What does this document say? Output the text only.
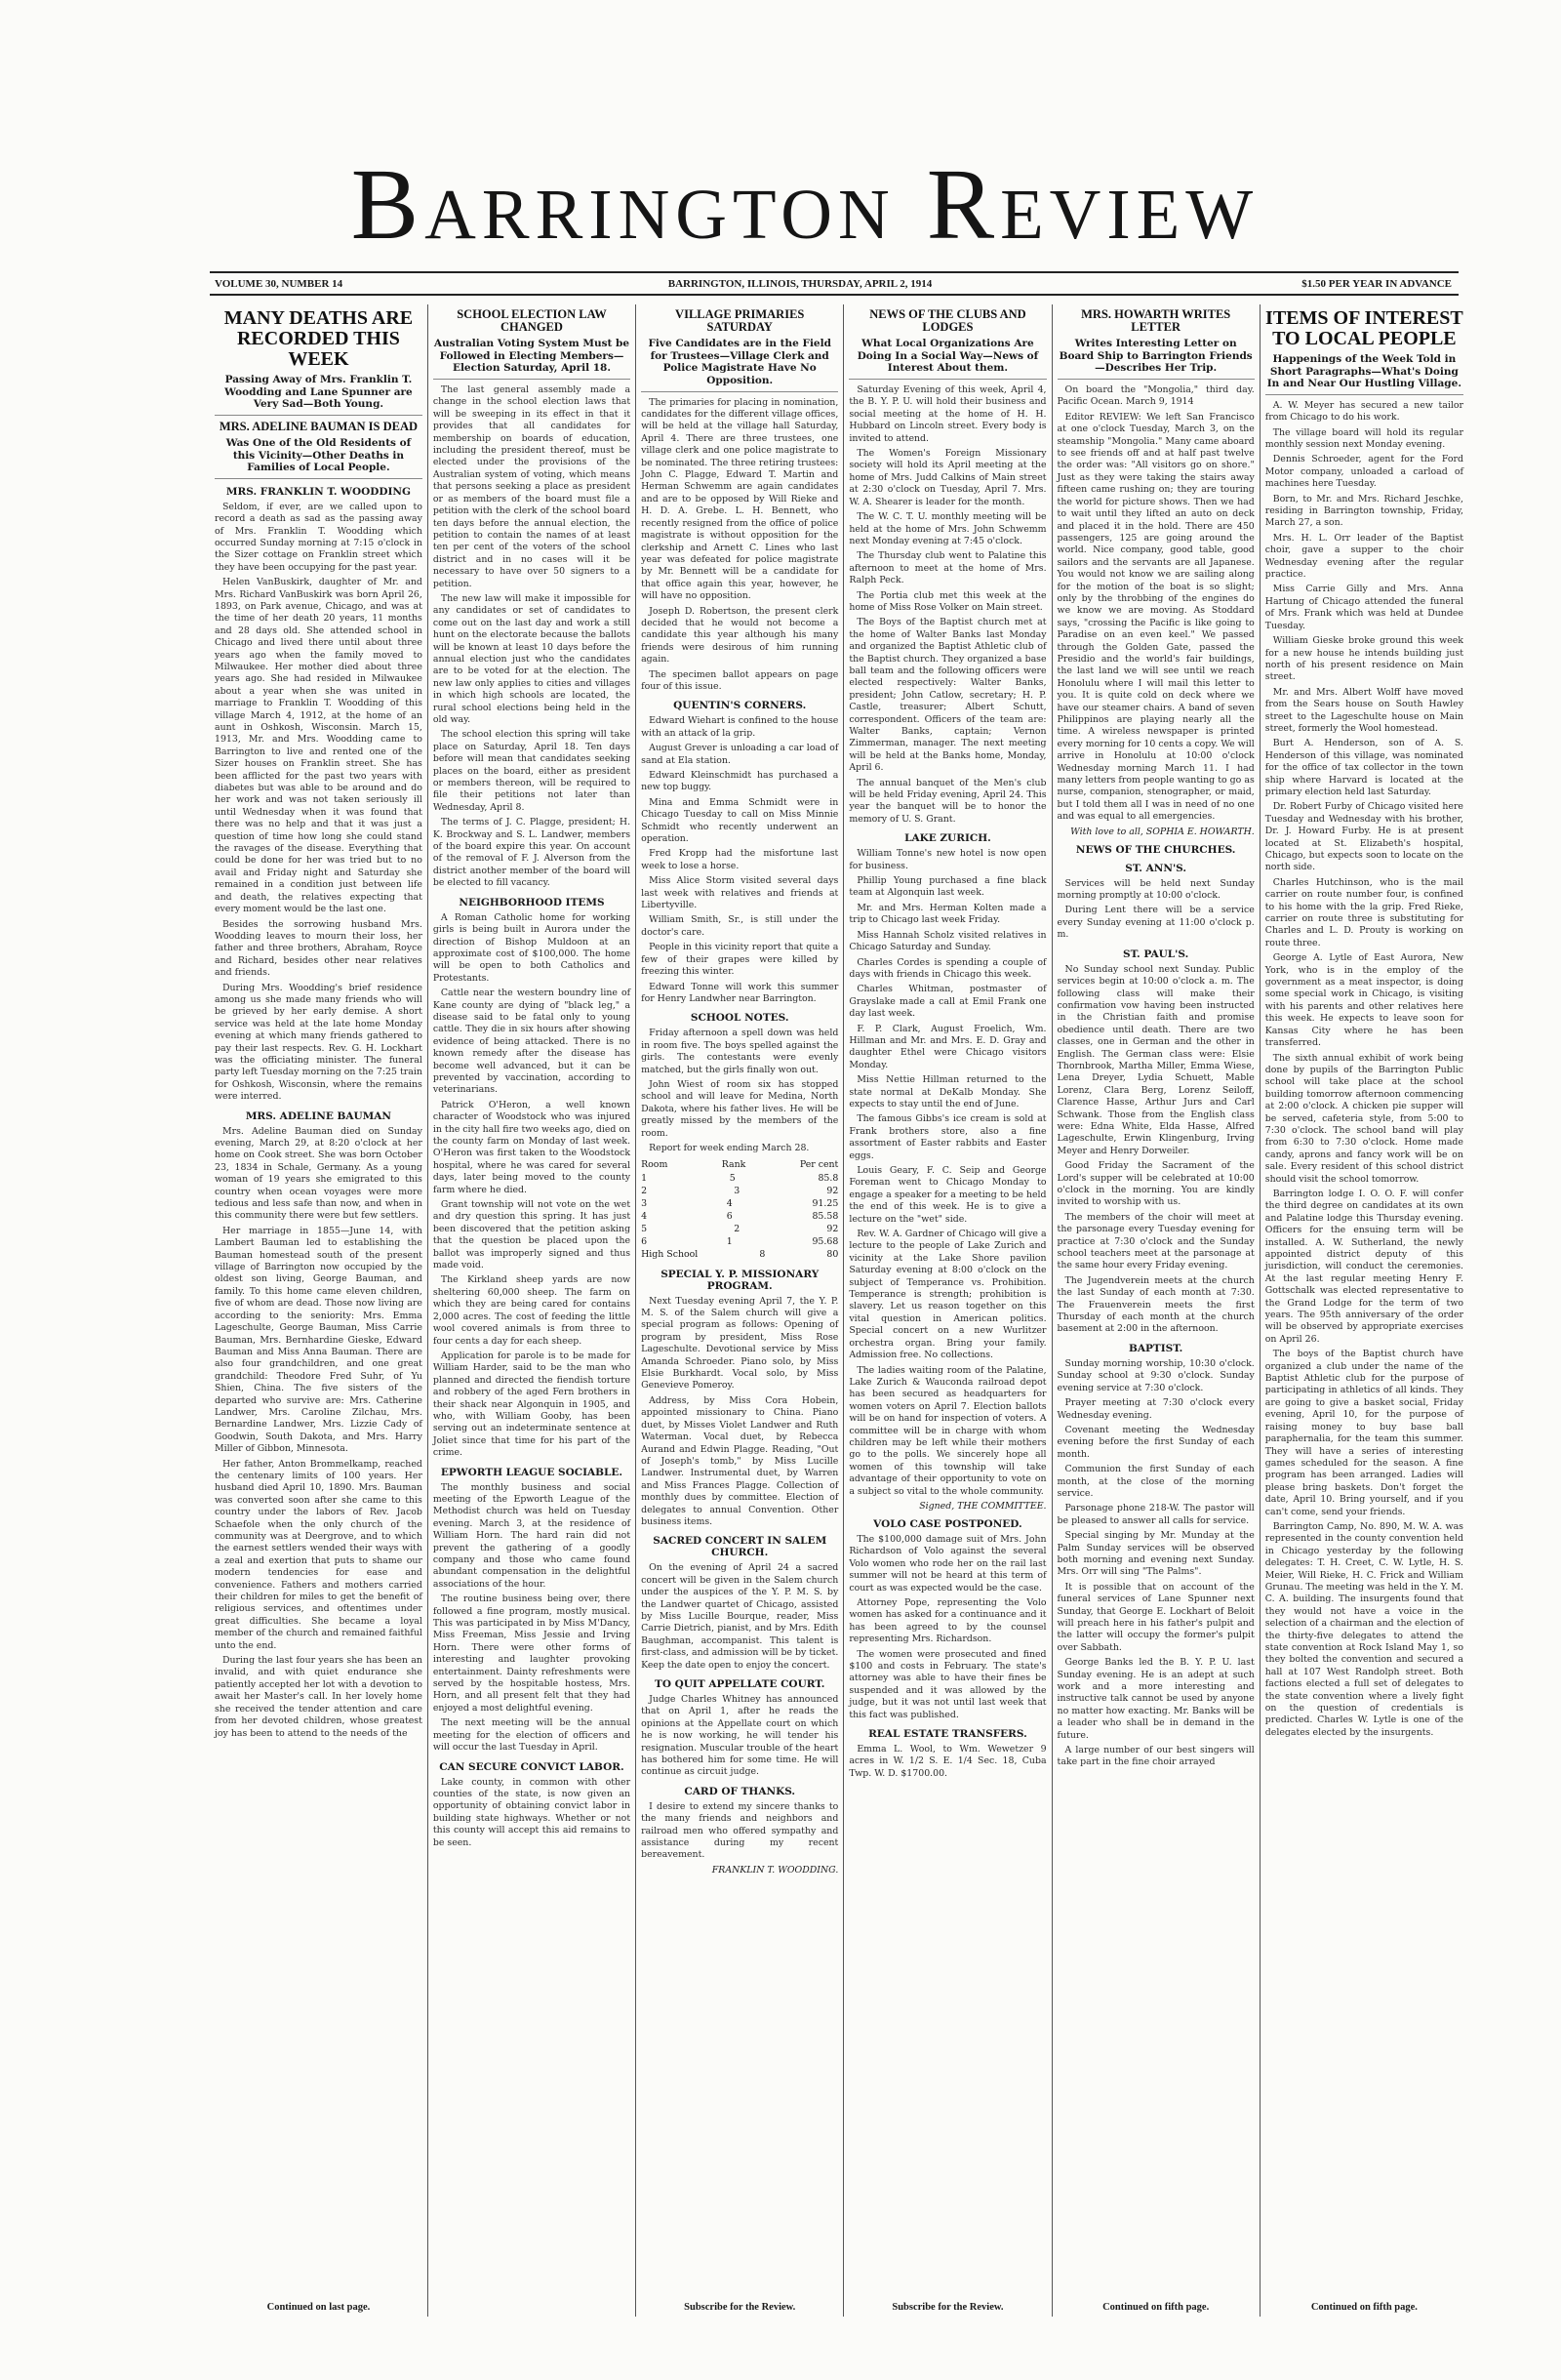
Barrington Review
VOLUME 30, NUMBER 14	BARRINGTON, ILLINOIS, THURSDAY, APRIL 2, 1914	$1.50 PER YEAR IN ADVANCE
MANY DEATHS ARE RECORDED THIS WEEK
Passing Away of Mrs. Franklin T. Woodding and Lane Spunner are Very Sad—Both Young.
MRS. ADELINE BAUMAN IS DEAD
Was One of the Old Residents of this Vicinity—Other Deaths in Families of Local People.
MRS. FRANKLIN T. WOODDING

Seldom, if ever, are we called upon to record a death as sad as the passing away of Mrs. Franklin T. Woodding which occurred Sunday morning at 7:15 o'clock in the Sizer cottage on Franklin street which they have been occupying for the past year.

Helen VanBuskirk, daughter of Mr. and Mrs. Richard VanBuskirk was born April 26, 1893, on Park avenue, Chicago, and was at the time of her death 20 years, 11 months and 28 days old. She attended school in Chicago and lived there until about three years ago when the family moved to Milwaukee. Her mother died about three years ago. She had resided in Milwaukee about a year when she was united in marriage to Franklin T. Woodding of this village March 4, 1912, at the home of an aunt in Oshkosh, Wisconsin. March 15, 1913, Mr. and Mrs. Woodding came to Barrington to live and rented one of the Sizer houses on Franklin street. She has been afflicted for the past two years with diabetes but was able to be around and do her work and was not taken seriously ill until Wednesday when it was found that there was no help and that it was just a question of time how long she could stand the ravages of the disease. Everything that could be done for her was tried but to no avail and Friday night and Saturday she remained in a condition just between life and death, the relatives expecting that every moment would be the last one.

Besides the sorrowing husband Mrs. Woodding leaves to mourn their loss, her father and three brothers, Abraham, Royce and Richard, besides other near relatives and friends.

During Mrs. Woodding's brief residence among us she made many friends who will be grieved by her early demise. A short service was held at the late home Monday evening at which many friends gathered to pay their last respects. Rev. G. H. Lockhart was the officiating minister. The funeral party left Tuesday morning on the 7:25 train for Oshkosh, Wisconsin, where the remains were interred.

MRS. ADELINE BAUMAN

Mrs. Adeline Bauman died on Sunday evening, March 29, at 8:20 o'clock at her home on Cook street. She was born October 23, 1834 in Schale, Germany. As a young woman of 19 years she emigrated to this country when ocean voyages were more tedious and less safe than now, and when in this community there were but few settlers.

Her marriage in 1855—June 14, with Lambert Bauman led to establishing the Bauman homestead south of the present village of Barrington now occupied by the oldest son living, George Bauman, and family. To this home came eleven children, five of whom are dead. Those now living are according to the seniority: Mrs. Emma Lageschulte, George Bauman, Miss Carrie Bauman, Mrs. Bernhardine Gieske, Edward Bauman and Miss Anna Bauman. There are also four grandchildren, and one great grandchild: Theodore Fred Suhr, of Yu Shien, China. The five sisters of the departed who survive are: Mrs. Catherine Landwer, Mrs. Caroline Zilchau, Mrs. Bernardine Landwer, Mrs. Lizzie Cady of Goodwin, South Dakota, and Mrs. Harry Miller of Gibbon, Minnesota.

Her father, Anton Brommelkamp, reached the centenary limits of 100 years. Her husband died April 10, 1890. Mrs. Bauman was converted soon after she came to this country under the labors of Rev. Jacob Schaefole when the only church of the community was at Deergrove, and to which the earnest settlers wended their ways with a zeal and exertion that puts to shame our modern tendencies for ease and convenience. Fathers and mothers carried their children for miles to get the benefit of religious services, and oftentimes under great difficulties. She became a loyal member of the church and remained faithful unto the end.

During the last four years she has been an invalid, and with quiet endurance she patiently accepted her lot with a devotion to await her Master's call. In her lovely home she received the tender attention and care from her devoted children, whose greatest joy has been to attend to the needs of the

Continued on last page.
SCHOOL ELECTION LAW CHANGED
Australian Voting System Must be Followed in Electing Members—Election Saturday, April 18.

The last general assembly made a change in the school election laws that will be sweeping in its effect in that it provides that all candidates for membership on boards of education, including the president thereof, must be elected under the provisions of the Australian system of voting, which means that persons seeking a place as president or as members of the board must file a petition with the clerk of the school board ten days before the annual election, the petition to contain the names of at least ten per cent of the voters of the school district and in no cases will it be necessary to have over 50 signers to a petition.

The new law will make it impossible for any candidates or set of candidates to come out on the last day and work a still hunt on the electorate because the ballots will be known at least 10 days before the annual election just who the candidates are to be voted for at the election. The new law only applies to cities and villages in which high schools are located, the rural school elections being held in the old way.

The school election this spring will take place on Saturday, April 18. Ten days before will mean that candidates seeking places on the board, either as president or members thereon, will be required to file their petitions not later than Wednesday, April 8.

The terms of J. C. Plagge, president; H. K. Brockway and S. L. Landwer, members of the board expire this year. On account of the removal of F. J. Alverson from the district another member of the board will be elected to fill vacancy.

NEIGHBORHOOD ITEMS

A Roman Catholic home for working girls is being built in Aurora under the direction of Bishop Muldoon at an approximate cost of $100,000. The home will be open to both Catholics and Protestants.

Cattle near the western boundry line of Kane county are dying of "black leg," a disease said to be fatal only to young cattle. They die in six hours after showing evidence of being attacked. There is no known remedy after the disease has become well advanced, but it can be prevented by vaccination, according to veterinarians.

Patrick O'Heron, a well known character of Woodstock who was injured in the city hall fire two weeks ago, died on the county farm on Monday of last week. O'Heron was first taken to the Woodstock hospital, where he was cared for several days, later being moved to the county farm where he died.

Grant township will not vote on the wet and dry question this spring. It has just been discovered that the petition asking that the question be placed upon the ballot was improperly signed and thus made void.

The Kirkland sheep yards are now sheltering 60,000 sheep. The farm on which they are being cared for contains 2,000 acres. The cost of feeding the little wool covered animals is from three to four cents a day for each sheep.

Application for parole is to be made for William Harder, said to be the man who planned and directed the fiendish torture and robbery of the aged Fern brothers in their shack near Algonquin in 1905, and who, with William Gooby, has been serving out an indeterminate sentence at Joliet since that time for his part of the crime.

EPWORTH LEAGUE SOCIABLE.

The monthly business and social meeting of the Epworth League of the Methodist church was held on Tuesday evening. March 3, at the residence of William Horn. The hard rain did not prevent the gathering of a goodly company and those who came found abundant compensation in the delightful associations of the hour.

The routine business being over, there followed a fine program, mostly musical. This was participated in by Miss M'Dancy, Miss Freeman, Miss Jessie and Irving Horn. There were other forms of interesting and laughter provoking entertainment. Dainty refreshments were served by the hospitable hostess, Mrs. Horn, and all present felt that they had enjoyed a most delightful evening.

The next meeting will be the annual meeting for the election of officers and will occur the last Tuesday in April.

CAN SECURE CONVICT LABOR.

Lake county, in common with other counties of the state, is now given an opportunity of obtaining convict labor in building state highways. Whether or not this county will accept this aid remains to be seen.

VILLAGE PRIMARIES SATURDAY
Five Candidates are in the Field for Trustees—Village Clerk and Police Magistrate Have No Opposition.

The primaries for placing in nomination, candidates for the different village offices, will be held at the village hall Saturday, April 4. There are three trustees, one village clerk and one police magistrate to be nominated. The three retiring trustees: John C. Plagge, Edward T. Martin and Herman Schwemm are again candidates and are to be opposed by Will Rieke and H. D. A. Grebe. L. H. Bennett, who recently resigned from the office of police magistrate is without opposition for the clerkship and Arnett C. Lines who last year was defeated for police magistrate by Mr. Bennett will be a candidate for that office again this year, however, he will have no opposition.

Joseph D. Robertson, the present clerk decided that he would not become a candidate this year although his many friends were desirous of him running again.

The specimen ballot appears on page four of this issue.

QUENTIN'S CORNERS.

Edward Wiehart is confined to the house with an attack of la grip.

August Grever is unloading a car load of sand at Ela station.

Edward Kleinschmidt has purchased a new top buggy.

Mina and Emma Schmidt were in Chicago Tuesday to call on Miss Minnie Schmidt who recently underwent an operation.

Fred Kropp had the misfortune last week to lose a horse.

Miss Alice Storm visited several days last week with relatives and friends at Libertyville.

William Smith, Sr., is still under the doctor's care.

People in this vicinity report that quite a few of their grapes were killed by freezing this winter.

Edward Tonne will work this summer for Henry Landwher near Barrington.

SCHOOL NOTES.

Friday afternoon a spell down was held in room five. The boys spelled against the girls. The contestants were evenly matched, but the girls finally won out.

John Wiest of room six has stopped school and will leave for Medina, North Dakota, where his father lives. He will be greatly missed by the members of the room.

Report for week ending March 28.

Room	Rank	Per cent
1	5	85.8
2	3	92
3	4	91.25
4	6	85.58
5	2	92
6	1	95.68
High School	8	80
SPECIAL Y. P. MISSIONARY PROGRAM.

Next Tuesday evening April 7, the Y. P. M. S. of the Salem church will give a special program as follows: Opening of program by president, Miss Rose Lageschulte. Devotional service by Miss Amanda Schroeder. Piano solo, by Miss Elsie Burkhardt. Vocal solo, by Miss Genevieve Pomeroy.

Address, by Miss Cora Hobein, appointed missionary to China. Piano duet, by Misses Violet Landwer and Ruth Waterman. Vocal duet, by Rebecca Aurand and Edwin Plagge. Reading, "Out of Joseph's tomb," by Miss Lucille Landwer. Instrumental duet, by Warren and Miss Frances Plagge. Collection of monthly dues by committee. Election of delegates to annual Convention. Other business items.

SACRED CONCERT IN SALEM CHURCH.

On the evening of April 24 a sacred concert will be given in the Salem church under the auspices of the Y. P. M. S. by the Landwer quartet of Chicago, assisted by Miss Lucille Bourque, reader, Miss Carrie Dietrich, pianist, and by Mrs. Edith Baughman, accompanist. This talent is first-class, and admission will be by ticket. Keep the date open to enjoy the concert.

TO QUIT APPELLATE COURT.

Judge Charles Whitney has announced that on April 1, after he reads the opinions at the Appellate court on which he is now working, he will tender his resignation. Muscular trouble of the heart has bothered him for some time. He will continue as circuit judge.

CARD OF THANKS.

I desire to extend my sincere thanks to the many friends and neighbors and railroad men who offered sympathy and assistance during my recent bereavement.

FRANKLIN T. WOODDING.
Subscribe for the Review.
NEWS OF THE CLUBS AND LODGES
What Local Organizations Are Doing In a Social Way—News of Interest About them.

Saturday Evening of this week, April 4, the B. Y. P. U. will hold their business and social meeting at the home of H. H. Hubbard on Lincoln street. Every body is invited to attend.

The Women's Foreign Missionary society will hold its April meeting at the home of Mrs. Judd Calkins of Main street at 2:30 o'clock on Tuesday, April 7. Mrs. W. A. Shearer is leader for the month.

The W. C. T. U. monthly meeting will be held at the home of Mrs. John Schwemm next Monday evening at 7:45 o'clock.

The Thursday club went to Palatine this afternoon to meet at the home of Mrs. Ralph Peck.

The Portia club met this week at the home of Miss Rose Volker on Main street.

The Boys of the Baptist church met at the home of Walter Banks last Monday and organized the Baptist Athletic club of the Baptist church. They organized a base ball team and the following officers were elected respectively: Walter Banks, president; John Catlow, secretary; H. P. Castle, treasurer; Albert Schutt, correspondent. Officers of the team are: Walter Banks, captain; Vernon Zimmerman, manager. The next meeting will be held at the Banks home, Monday, April 6.

The annual banquet of the Men's club will be held Friday evening, April 24. This year the banquet will be to honor the memory of U. S. Grant.

LAKE ZURICH.

William Tonne's new hotel is now open for business.

Phillip Young purchased a fine black team at Algonquin last week.

Mr. and Mrs. Herman Kolten made a trip to Chicago last week Friday.

Miss Hannah Scholz visited relatives in Chicago Saturday and Sunday.

Charles Cordes is spending a couple of days with friends in Chicago this week.

Charles Whitman, postmaster of Grayslake made a call at Emil Frank one day last week.

F. P. Clark, August Froelich, Wm. Hillman and Mr. and Mrs. E. D. Gray and daughter Ethel were Chicago visitors Monday.

Miss Nettie Hillman returned to the state normal at DeKalb Monday. She expects to stay until the end of June.

The famous Gibbs's ice cream is sold at Frank brothers store, also a fine assortment of Easter rabbits and Easter eggs.

Louis Geary, F. C. Seip and George Foreman went to Chicago Monday to engage a speaker for a meeting to be held the end of this week. He is to give a lecture on the "wet" side.

Rev. W. A. Gardner of Chicago will give a lecture to the people of Lake Zurich and vicinity at the Lake Shore pavilion Saturday evening at 8:00 o'clock on the subject of Temperance vs. Prohibition. Temperance is strength; prohibition is slavery. Let us reason together on this vital question in American politics. Special concert on a new Wurlitzer orchestra organ. Bring your family. Admission free. No collections.

The ladies waiting room of the Palatine, Lake Zurich & Wauconda railroad depot has been secured as headquarters for women voters on April 7. Election ballots will be on hand for inspection of voters. A committee will be in charge with whom children may be left while their mothers go to the polls. We sincerely hope all women of this township will take advantage of their opportunity to vote on a subject so vital to the whole community.

Signed, THE COMMITTEE.
VOLO CASE POSTPONED.

The $100,000 damage suit of Mrs. John Richardson of Volo against the several Volo women who rode her on the rail last summer will not be heard at this term of court as was expected would be the case.

Attorney Pope, representing the Volo women has asked for a continuance and it has been agreed to by the counsel representing Mrs. Richardson.

The women were prosecuted and fined $100 and costs in February. The state's attorney was able to have their fines be suspended and it was allowed by the judge, but it was not until last week that this fact was published.

REAL ESTATE TRANSFERS.

Emma L. Wool, to Wm. Wewetzer 9 acres in W. 1/2 S. E. 1/4 Sec. 18, Cuba Twp. W. D. $1700.00.

Subscribe for the Review.
MRS. HOWARTH WRITES LETTER
Writes Interesting Letter on Board Ship to Barrington Friends—Describes Her Trip.

On board the "Mongolia," third day. Pacific Ocean. March 9, 1914

Editor REVIEW: We left San Francisco at one o'clock Tuesday, March 3, on the steamship "Mongolia." Many came aboard to see friends off and at half past twelve the order was: "All visitors go on shore." Just as they were taking the stairs away fifteen came rushing on; they are touring the world for picture shows. Then we had to wait until they lifted an auto on deck and placed it in the hold. There are 450 passengers, 125 are going around the world. Nice company, good table, good sailors and the servants are all Japanese. You would not know we are sailing along for the motion of the boat is so slight; only by the throbbing of the engines do we know we are moving. As Stoddard says, "crossing the Pacific is like going to Paradise on an even keel." We passed through the Golden Gate, passed the Presidio and the world's fair buildings, the last land we will see until we reach Honolulu where I will mail this letter to you. It is quite cold on deck where we have our steamer chairs. A band of seven Philippinos are playing nearly all the time. A wireless newspaper is printed every morning for 10 cents a copy. We will arrive in Honolulu at 10:00 o'clock Wednesday morning March 11. I had many letters from people wanting to go as nurse, companion, stenographer, or maid, but I told them all I was in need of no one and was equal to all emergencies.

With love to all, SOPHIA E. HOWARTH.
NEWS OF THE CHURCHES.
ST. ANN'S.

Services will be held next Sunday morning promptly at 10:00 o'clock.

During Lent there will be a service every Sunday evening at 11:00 o'clock p. m.

ST. PAUL'S.

No Sunday school next Sunday. Public services begin at 10:00 o'clock a. m. The following class will make their confirmation vow having been instructed in the Christian faith and promise obedience until death. There are two classes, one in German and the other in English. The German class were: Elsie Thornbrook, Martha Miller, Emma Wiese, Lena Dreyer, Lydia Schuett, Mable Lorenz, Clara Berg, Lorenz Seiloff, Clarence Hasse, Arthur Jurs and Carl Schwank. Those from the English class were: Edna White, Elda Hasse, Alfred Lageschulte, Erwin Klingenburg, Irving Meyer and Henry Dorweiler.

Good Friday the Sacrament of the Lord's supper will be celebrated at 10:00 o'clock in the morning. You are kindly invited to worship with us.

The members of the choir will meet at the parsonage every Tuesday evening for practice at 7:30 o'clock and the Sunday school teachers meet at the parsonage at the same hour every Friday evening.

The Jugendverein meets at the church the last Sunday of each month at 7:30. The Frauenverein meets the first Thursday of each month at the church basement at 2:00 in the afternoon.

BAPTIST.

Sunday morning worship, 10:30 o'clock. Sunday school at 9:30 o'clock. Sunday evening service at 7:30 o'clock.

Prayer meeting at 7:30 o'clock every Wednesday evening.

Covenant meeting the Wednesday evening before the first Sunday of each month.

Communion the first Sunday of each month, at the close of the morning service.

Parsonage phone 218-W. The pastor will be pleased to answer all calls for service.

Special singing by Mr. Munday at the Palm Sunday services will be observed both morning and evening next Sunday. Mrs. Orr will sing "The Palms".

It is possible that on account of the funeral services of Lane Spunner next Sunday, that George E. Lockhart of Beloit will preach here in his father's pulpit and the latter will occupy the former's pulpit over Sabbath.

George Banks led the B. Y. P. U. last Sunday evening. He is an adept at such work and a more interesting and instructive talk cannot be used by anyone no matter how exacting. Mr. Banks will be a leader who shall be in demand in the future.

A large number of our best singers will take part in the fine choir arrayed

Continued on fifth page.
ITEMS OF INTEREST TO LOCAL PEOPLE
Happenings of the Week Told in Short Paragraphs—What's Doing In and Near Our Hustling Village.

A. W. Meyer has secured a new tailor from Chicago to do his work.

The village board will hold its regular monthly session next Monday evening.

Dennis Schroeder, agent for the Ford Motor company, unloaded a carload of machines here Tuesday.

Born, to Mr. and Mrs. Richard Jeschke, residing in Barrington township, Friday, March 27, a son.

Mrs. H. L. Orr leader of the Baptist choir, gave a supper to the choir Wednesday evening after the regular practice.

Miss Carrie Gilly and Mrs. Anna Hartung of Chicago attended the funeral of Mrs. Frank which was held at Dundee Tuesday.

William Gieske broke ground this week for a new house he intends building just north of his present residence on Main street.

Mr. and Mrs. Albert Wolff have moved from the Sears house on South Hawley street to the Lageschulte house on Main street, formerly the Wool homestead.

Burt A. Henderson, son of A. S. Henderson of this village, was nominated for the office of tax collector in the town ship where Harvard is located at the primary election held last Saturday.

Dr. Robert Furby of Chicago visited here Tuesday and Wednesday with his brother, Dr. J. Howard Furby. He is at present located at St. Elizabeth's hospital, Chicago, but expects soon to locate on the north side.

Charles Hutchinson, who is the mail carrier on route number four, is confined to his home with the la grip. Fred Rieke, carrier on route three is substituting for Charles and L. D. Prouty is working on route three.

George A. Lytle of East Aurora, New York, who is in the employ of the government as a meat inspector, is doing some special work in Chicago, is visiting with his parents and other relatives here this week. He expects to leave soon for Kansas City where he has been transferred.

The sixth annual exhibit of work being done by pupils of the Barrington Public school will take place at the school building tomorrow afternoon commencing at 2:00 o'clock. A chicken pie supper will be served, cafeteria style, from 5:00 to 7:30 o'clock. The school band will play from 6:30 to 7:30 o'clock. Home made candy, aprons and fancy work will be on sale. Every resident of this school district should visit the school tomorrow.

Barrington lodge I. O. O. F. will confer the third degree on candidates at its own and Palatine lodge this Thursday evening. Officers for the ensuing term will be installed. A. W. Sutherland, the newly appointed district deputy of this jurisdiction, will conduct the ceremonies. At the last regular meeting Henry F. Gottschalk was elected representative to the Grand Lodge for the term of two years. The 95th anniversary of the order will be observed by appropriate exercises on April 26.

The boys of the Baptist church have organized a club under the name of the Baptist Athletic club for the purpose of participating in athletics of all kinds. They are going to give a basket social, Friday evening, April 10, for the purpose of raising money to buy base ball paraphernalia, for the team this summer. They will have a series of interesting games scheduled for the season. A fine program has been arranged. Ladies will please bring baskets. Don't forget the date, April 10. Bring yourself, and if you can't come, send your friends.

Barrington Camp, No. 890, M. W. A. was represented in the county convention held in Chicago yesterday by the following delegates: T. H. Creet, C. W. Lytle, H. S. Meier, Will Rieke, H. C. Frick and William Grunau. The meeting was held in the Y. M. C. A. building. The insurgents found that they would not have a voice in the selection of a chairman and the election of the thirty-five delegates to attend the state convention at Rock Island May 1, so they bolted the convention and secured a hall at 107 West Randolph street. Both factions elected a full set of delegates to the state convention where a lively fight on the question of credentials is predicted. Charles W. Lytle is one of the delegates elected by the insurgents.

Continued on fifth page.
